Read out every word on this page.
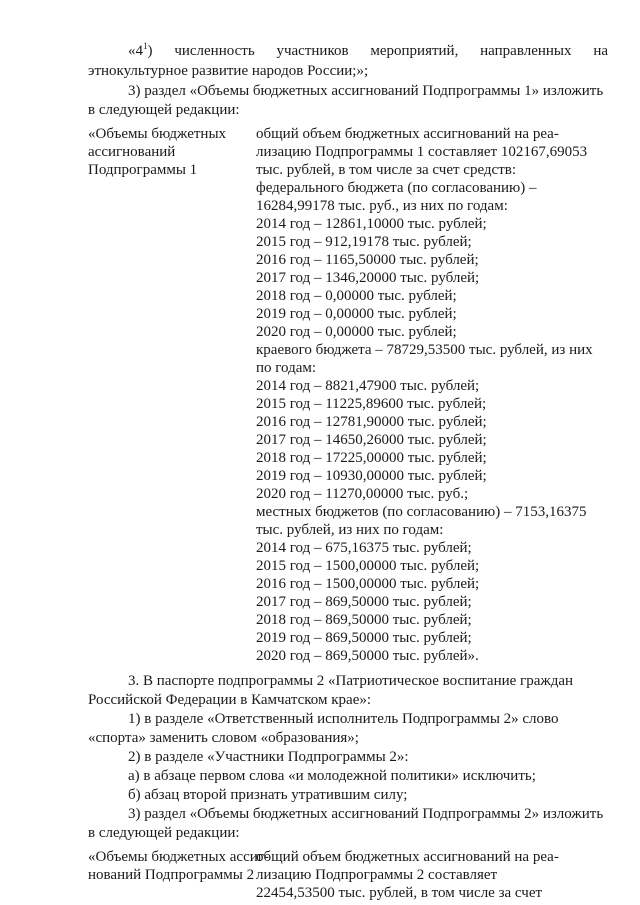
«$4^1$) численность участников мероприятий, направленных на
этнокультурное развитие народов России;»;
3) раздел «Объемы бюджетных ассигнований Подпрограммы 1» изложить
в следующей редакции:
«Объемы бюджетных
ассигнований
Подпрограммы 1
общий объем бюджетных ассигнований на реа-
лизацию Подпрограммы 1 составляет 102167,69053
тыс. рублей, в том числе за счет средств:
федерального бюджета (по согласованию) –
16284,99178 тыс. руб., из них по годам:
2014 год – 12861,10000 тыс. рублей;
2015 год – 912,19178 тыс. рублей;
2016 год – 1165,50000 тыс. рублей;
2017 год – 1346,20000 тыс. рублей;
2018 год – 0,00000 тыс. рублей;
2019 год – 0,00000 тыс. рублей;
2020 год – 0,00000 тыс. рублей;
краевого бюджета – 78729,53500 тыс. рублей, из них
по годам:
2014 год – 8821,47900 тыс. рублей;
2015 год – 11225,89600 тыс. рублей;
2016 год – 12781,90000 тыс. рублей;
2017 год – 14650,26000 тыс. рублей;
2018 год – 17225,00000 тыс. рублей;
2019 год – 10930,00000 тыс. рублей;
2020 год – 11270,00000 тыс. руб.;
местных бюджетов (по согласованию) – 7153,16375
тыс. рублей, из них по годам:
2014 год – 675,16375 тыс. рублей;
2015 год – 1500,00000 тыс. рублей;
2016 год – 1500,00000 тыс. рублей;
2017 год – 869,50000 тыс. рублей;
2018 год – 869,50000 тыс. рублей;
2019 год – 869,50000 тыс. рублей;
2020 год – 869,50000 тыс. рублей».
3. В паспорте подпрограммы 2 «Патриотическое воспитание граждан
Российской Федерации в Камчатском крае»:
1) в разделе «Ответственный исполнитель Подпрограммы 2» слово
«спорта» заменить словом «образования»;
2) в разделе «Участники Подпрограммы 2»:
а) в абзаце первом слова «и молодежной политики» исключить;
б) абзац второй признать утратившим силу;
3) раздел «Объемы бюджетных ассигнований Подпрограммы 2» изложить
в следующей редакции:
«Объемы бюджетных ассиг-
нований Подпрограммы 2
общий объем бюджетных ассигнований на реа-
лизацию Подпрограммы 2 составляет
22454,53500 тыс. рублей, в том числе за счет
